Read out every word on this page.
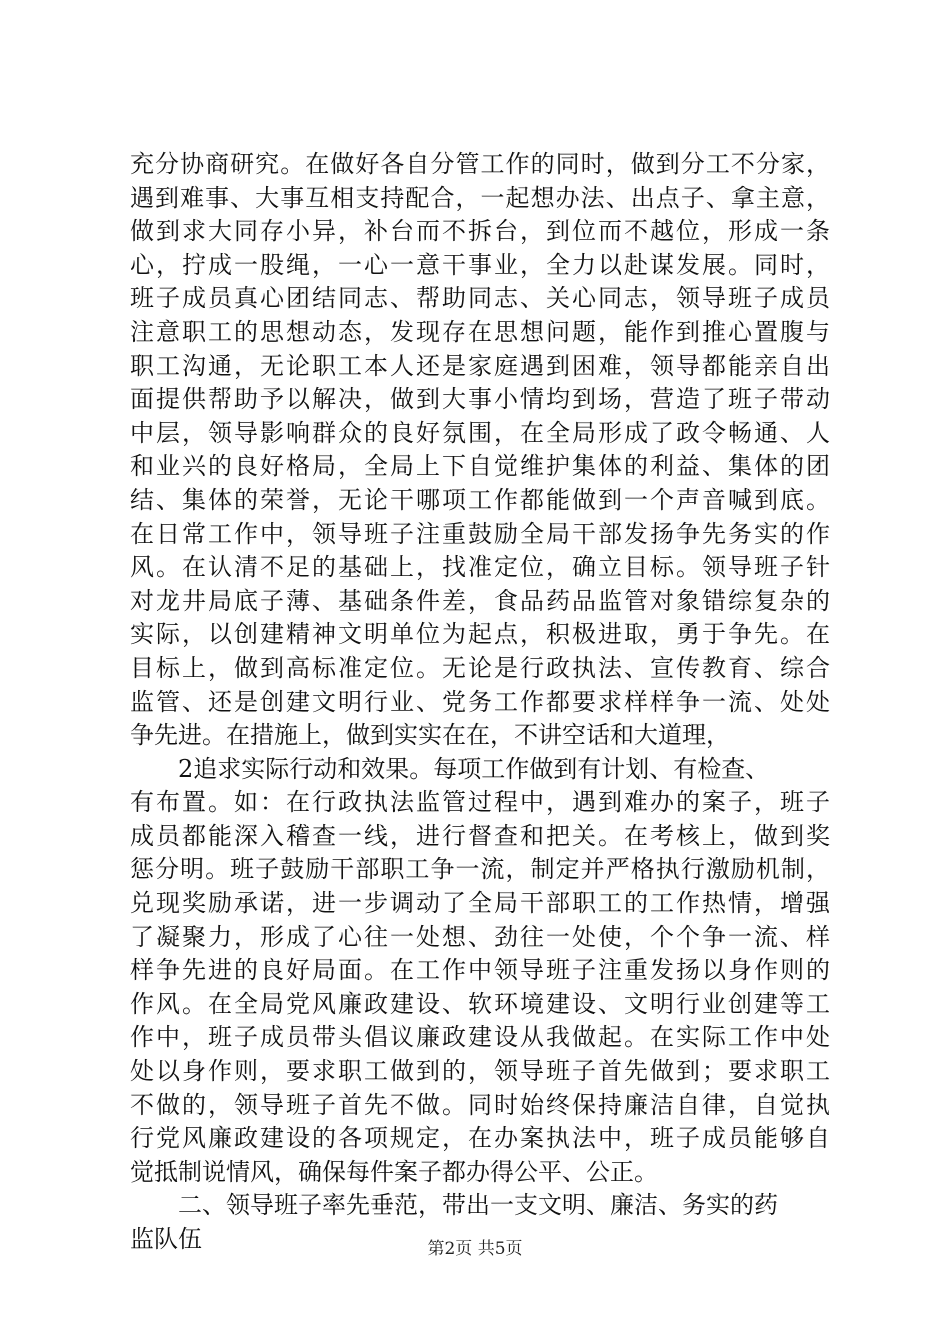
充分协商研究。在做好各自分管工作的同时，做到分工不分家，
遇到难事、大事互相支持配合，一起想办法、出点子、拿主意，
做到求大同存小异，补台而不拆台，到位而不越位，形成一条
心，拧成一股绳，一心一意干事业，全力以赴谋发展。同时，
班子成员真心团结同志、帮助同志、关心同志，领导班子成员
注意职工的思想动态，发现存在思想问题，能作到推心置腹与
职工沟通，无论职工本人还是家庭遇到困难，领导都能亲自出
面提供帮助予以解决，做到大事小情均到场，营造了班子带动
中层，领导影响群众的良好氛围，在全局形成了政令畅通、人
和业兴的良好格局，全局上下自觉维护集体的利益、集体的团
结、集体的荣誉，无论干哪项工作都能做到一个声音喊到底。
在日常工作中，领导班子注重鼓励全局干部发扬争先务实的作
风。在认清不足的基础上，找准定位，确立目标。领导班子针
对龙井局底子薄、基础条件差，食品药品监管对象错综复杂的
实际，以创建精神文明单位为起点，积极进取，勇于争先。在
目标上，做到高标准定位。无论是行政执法、宣传教育、综合
监管、还是创建文明行业、党务工作都要求样样争一流、处处
争先进。在措施上，做到实实在在，不讲空话和大道理，
2追求实际行动和效果。每项工作做到有计划、有检查、
有布置。如：在行政执法监管过程中，遇到难办的案子，班子
成员都能深入稽查一线，进行督查和把关。在考核上，做到奖
惩分明。班子鼓励干部职工争一流，制定并严格执行激励机制，
兑现奖励承诺，进一步调动了全局干部职工的工作热情，增强
了凝聚力，形成了心往一处想、劲往一处使，个个争一流、样
样争先进的良好局面。在工作中领导班子注重发扬以身作则的
作风。在全局党风廉政建设、软环境建设、文明行业创建等工
作中，班子成员带头倡议廉政建设从我做起。在实际工作中处
处以身作则，要求职工做到的，领导班子首先做到；要求职工
不做的，领导班子首先不做。同时始终保持廉洁自律，自觉执
行党风廉政建设的各项规定，在办案执法中，班子成员能够自
觉抵制说情风，确保每件案子都办得公平、公正。
二、领导班子率先垂范，带出一支文明、廉洁、务实的药
监队伍	第2页 共5页
